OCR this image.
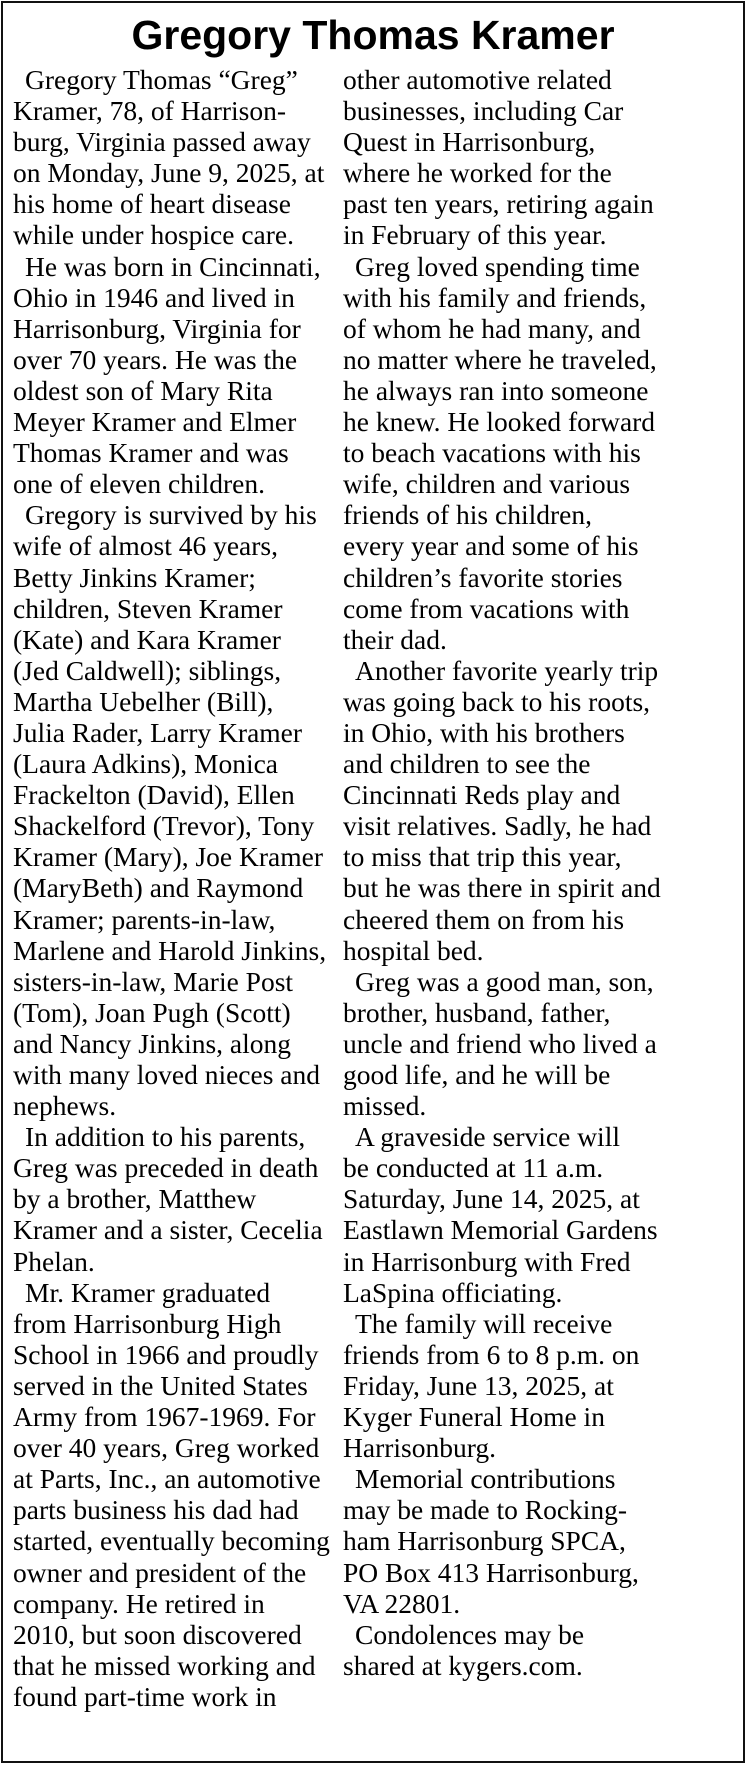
Gregory Thomas Kramer
Gregory Thomas “Greg”
Kramer, 78, of Harrison-
burg, Virginia passed away
on Monday, June 9, 2025, at
his home of heart disease
while under hospice care.
He was born in Cincinnati,
Ohio in 1946 and lived in
Harrisonburg, Virginia for
over 70 years. He was the
oldest son of Mary Rita
Meyer Kramer and Elmer
Thomas Kramer and was
one of eleven children.
Gregory is survived by his
wife of almost 46 years,
Betty Jinkins Kramer;
children, Steven Kramer
(Kate) and Kara Kramer
(Jed Caldwell); siblings,
Martha Uebelher (Bill),
Julia Rader, Larry Kramer
(Laura Adkins), Monica
Frackelton (David), Ellen
Shackelford (Trevor), Tony
Kramer (Mary), Joe Kramer
(MaryBeth) and Raymond
Kramer; parents-in-law,
Marlene and Harold Jinkins,
sisters-in-law, Marie Post
(Tom), Joan Pugh (Scott)
and Nancy Jinkins, along
with many loved nieces and
nephews.
In addition to his parents,
Greg was preceded in death
by a brother, Matthew
Kramer and a sister, Cecelia
Phelan.
Mr. Kramer graduated
from Harrisonburg High
School in 1966 and proudly
served in the United States
Army from 1967-1969. For
over 40 years, Greg worked
at Parts, Inc., an automotive
parts business his dad had
started, eventually becoming
owner and president of the
company. He retired in
2010, but soon discovered
that he missed working and
found part-time work in
other automotive related
businesses, including Car
Quest in Harrisonburg,
where he worked for the
past ten years, retiring again
in February of this year.
Greg loved spending time
with his family and friends,
of whom he had many, and
no matter where he traveled,
he always ran into someone
he knew. He looked forward
to beach vacations with his
wife, children and various
friends of his children,
every year and some of his
children’s favorite stories
come from vacations with
their dad.
Another favorite yearly trip
was going back to his roots,
in Ohio, with his brothers
and children to see the
Cincinnati Reds play and
visit relatives. Sadly, he had
to miss that trip this year,
but he was there in spirit and
cheered them on from his
hospital bed.
Greg was a good man, son,
brother, husband, father,
uncle and friend who lived a
good life, and he will be
missed.
A graveside service will
be conducted at 11 a.m.
Saturday, June 14, 2025, at
Eastlawn Memorial Gardens
in Harrisonburg with Fred
LaSpina officiating.
The family will receive
friends from 6 to 8 p.m. on
Friday, June 13, 2025, at
Kyger Funeral Home in
Harrisonburg.
Memorial contributions
may be made to Rocking-
ham Harrisonburg SPCA,
PO Box 413 Harrisonburg,
VA 22801.
Condolences may be
shared at kygers.com.
